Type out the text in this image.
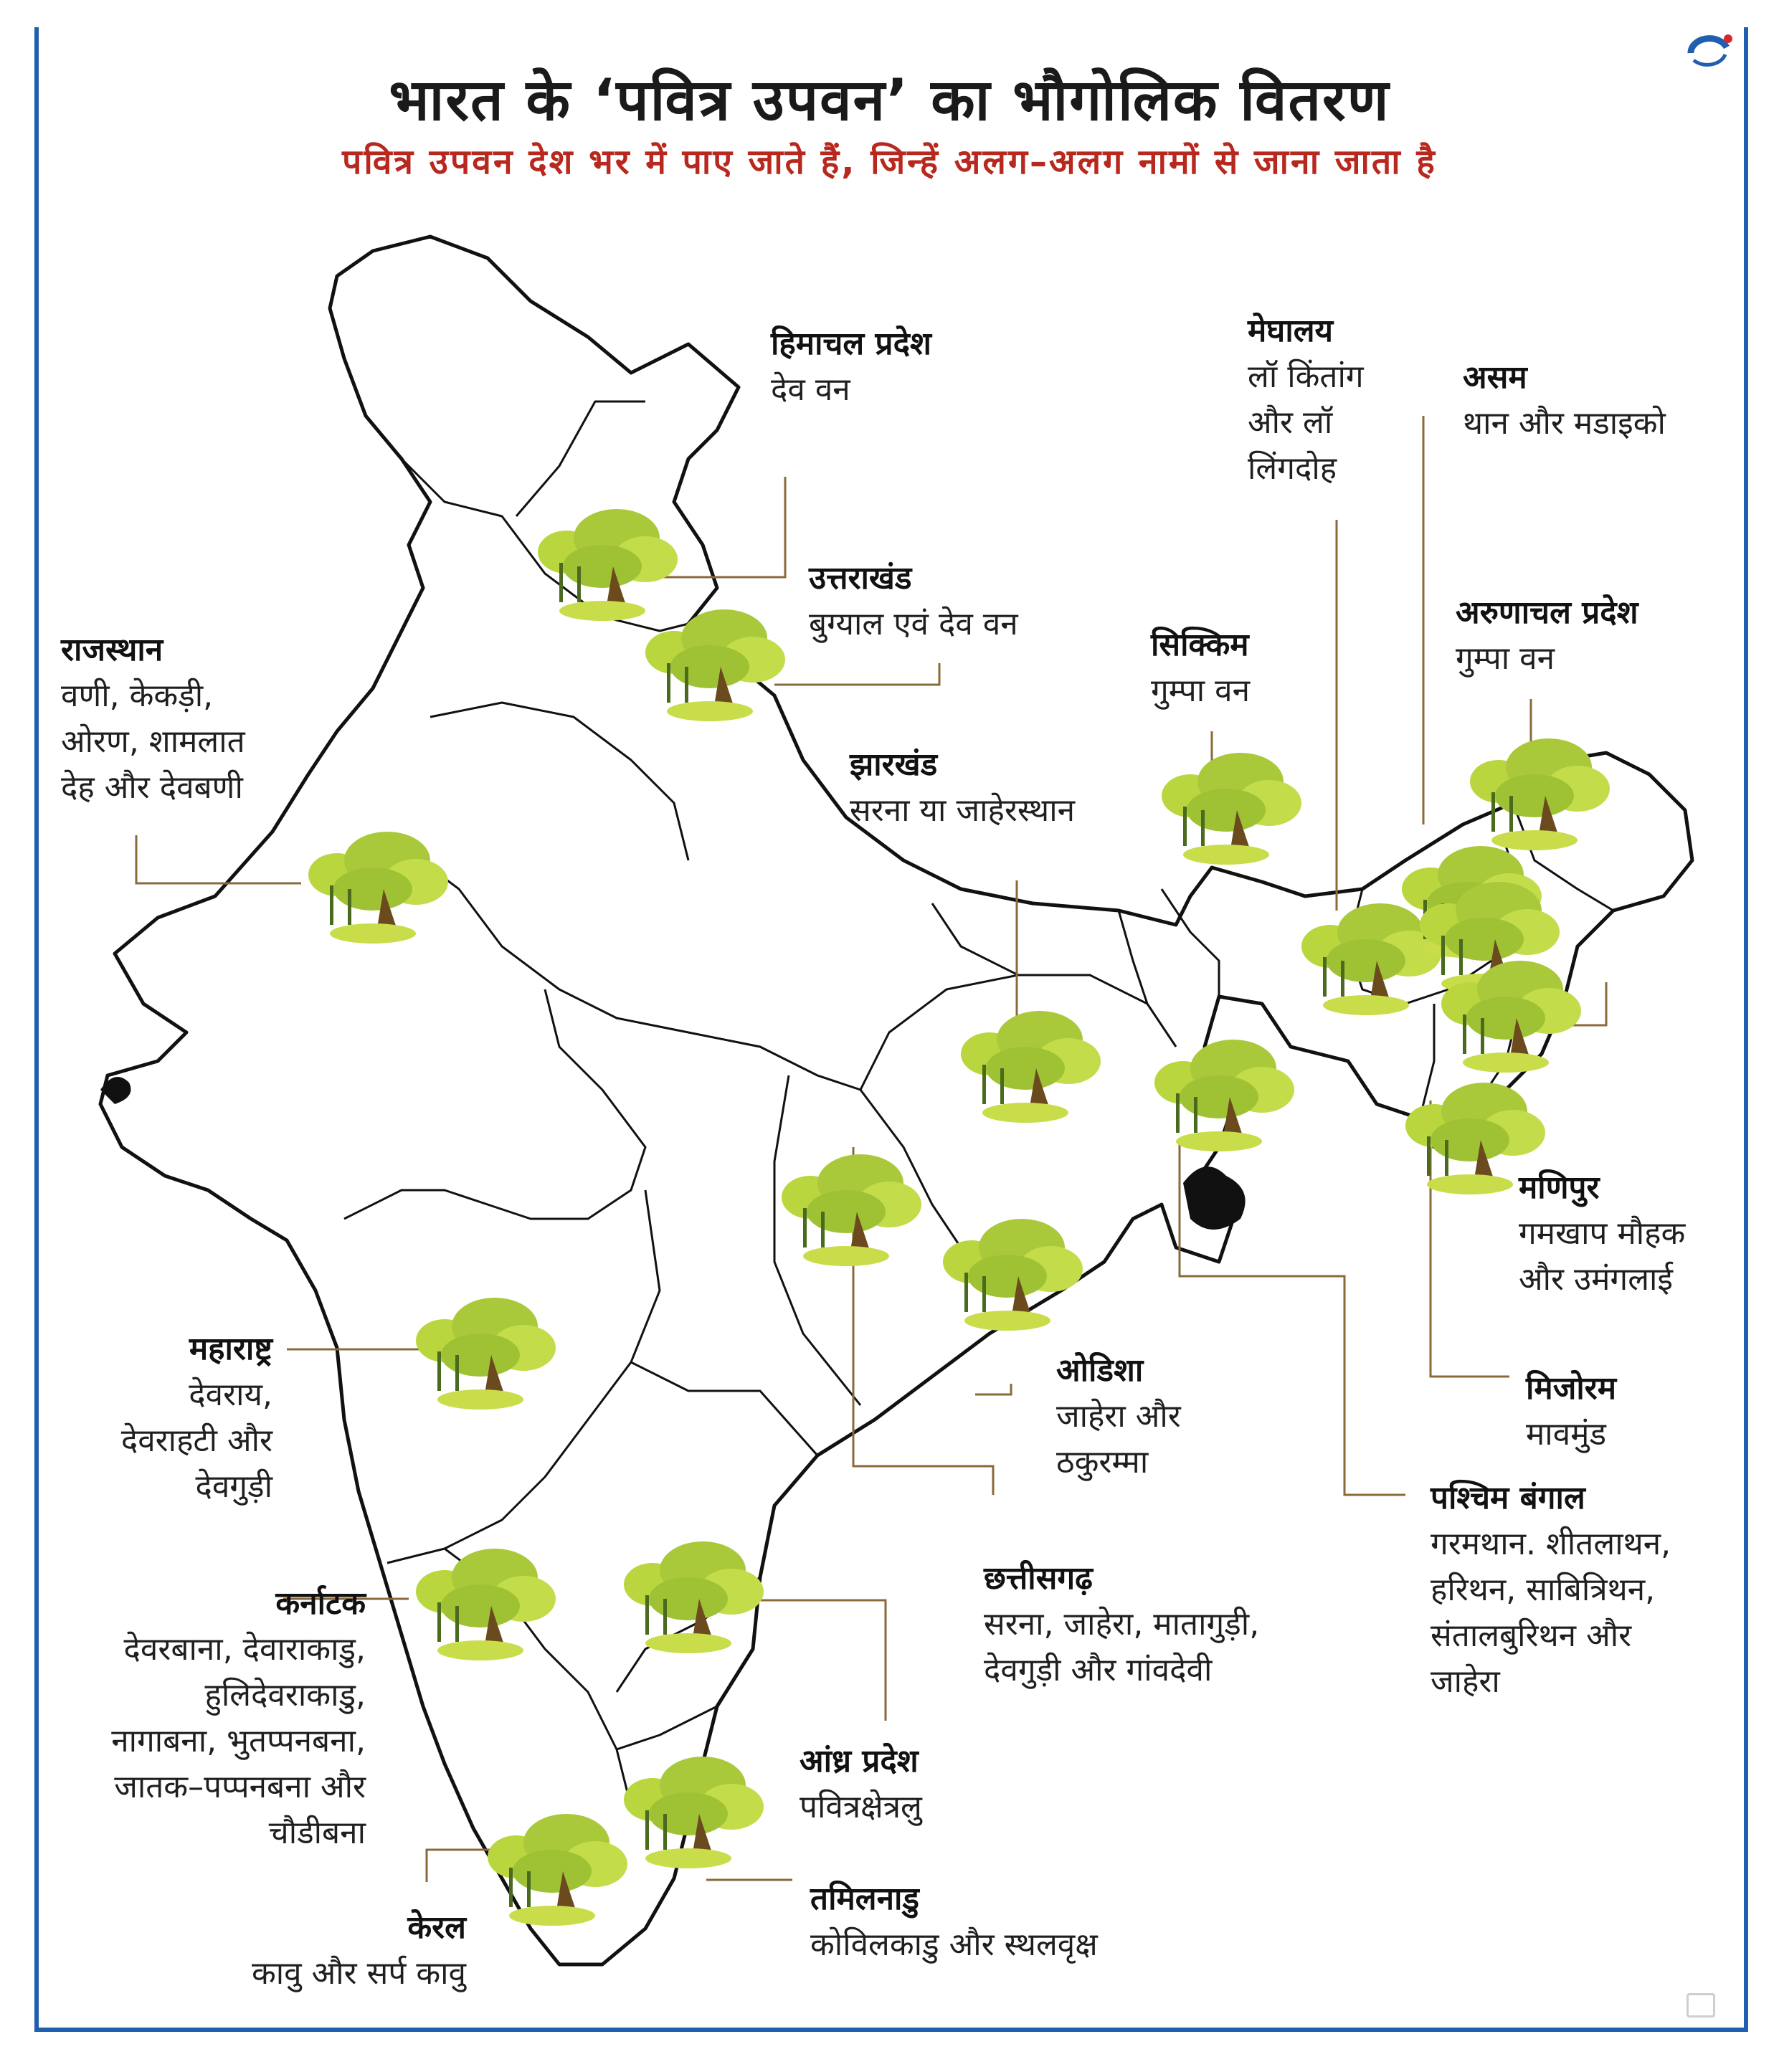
भारत के ‘पवित्र उपवन’ का भौगोलिक वितरण
पवित्र उपवन देश भर में पाए जाते हैं, जिन्हें अलग–अलग नामों से जाना जाता है
हिमाचल प्रदेश
देव वन
उत्तराखंड
बुग्याल एवं देव वन
राजस्थान
वणी, केकड़ी,
ओरण, शामलात
देह और देवबणी
झारखंड
सरना या जाहेरस्थान
सिक्किम
गुम्पा वन
मेघालय
लॉ किंतांग
और लॉ
लिंगदोह
असम
थान और मडाइको
अरुणाचल प्रदेश
गुम्पा वन
मणिपुर
गमखाप मौहक
और उमंगलाई
मिजोरम
मावमुंड
पश्चिम बंगाल
गरमथान. शीतलाथन,
हरिथन, साबित्रिथन,
संतालबुरिथन और
जाहेरा
महाराष्ट्र
देवराय,
देवराहटी और
देवगुड़ी
ओडिशा
जाहेरा और
ठकुरम्मा
छत्तीसगढ़
सरना, जाहेरा, मातागुड़ी,
देवगुड़ी और गांवदेवी
कर्नाटक
देवरबाना, देवाराकाडु,
हुलिदेवराकाडु,
नागाबना, भुतप्पनबना,
जातक–पप्पनबना और
चौडीबना
आंध्र प्रदेश
पवित्रक्षेत्रलु
तमिलनाडु
कोविलकाडु और स्थलवृक्ष
केरल
कावु और सर्प कावु
